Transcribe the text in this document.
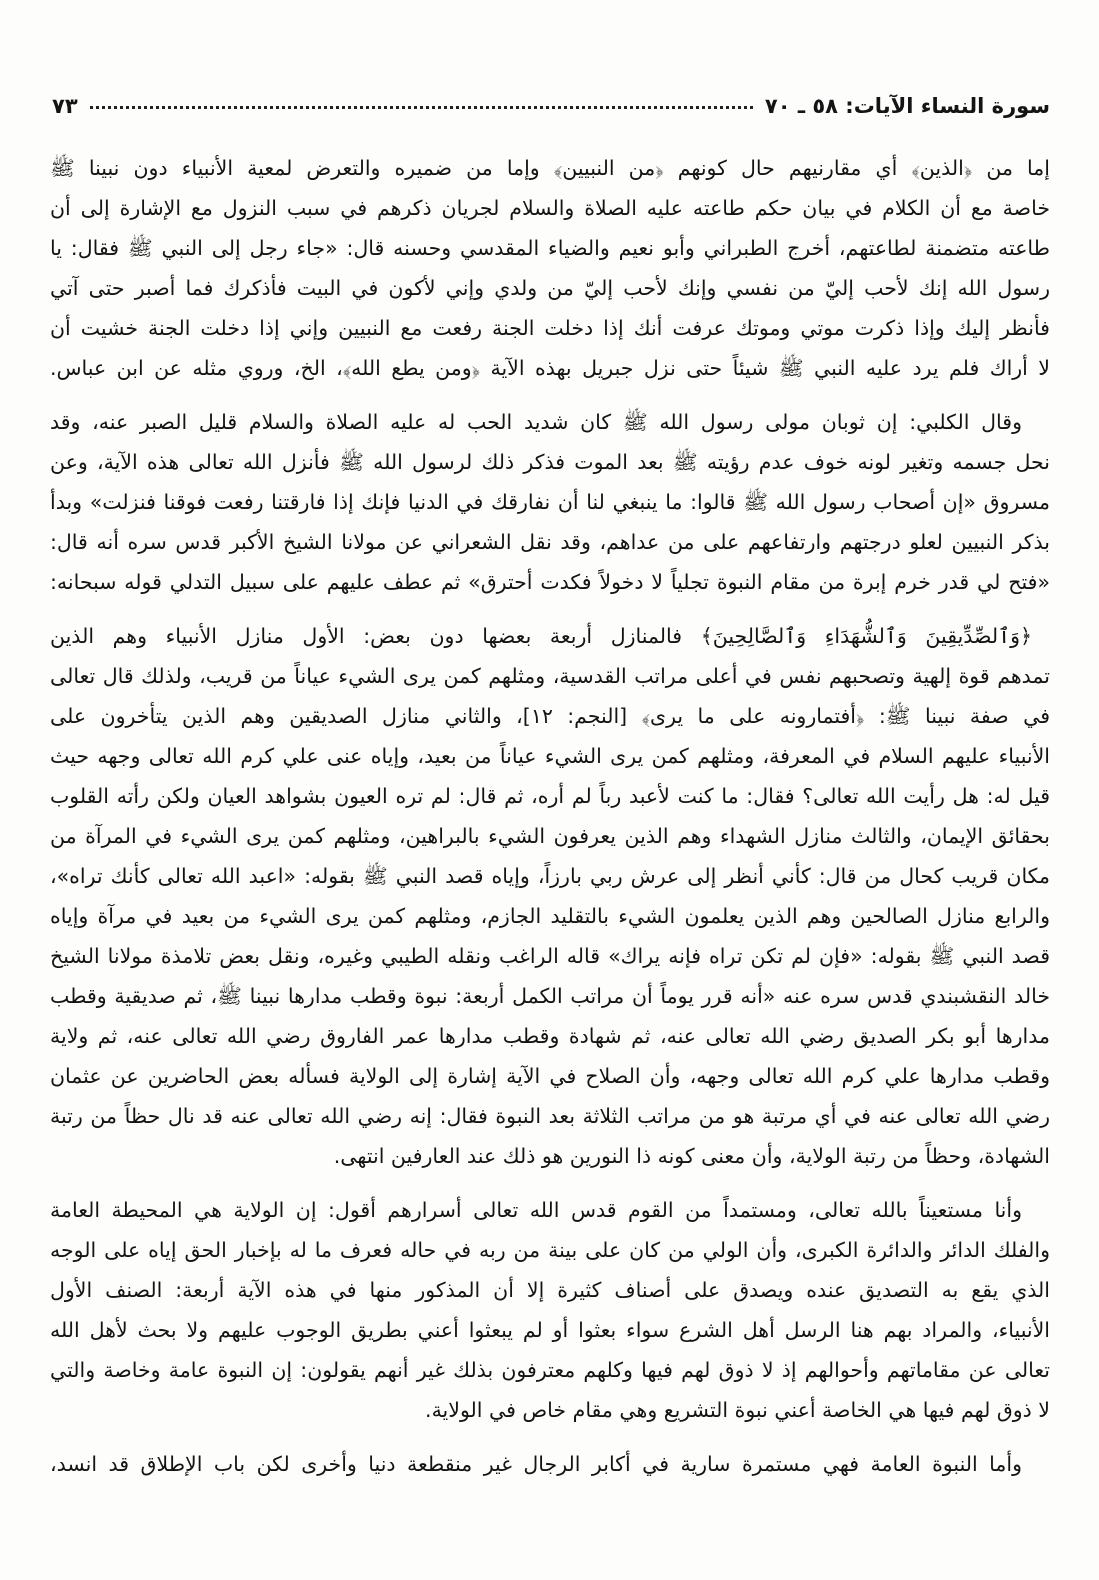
سورة النساء الآيات: ٥٨ ـ ٧٠
٧٣
إما من ﴿الذين﴾ أي مقارنيهم حال كونهم ﴿من النبيين﴾ وإما من ضميره والتعرض لمعية الأنبياء دون نبينا ﷺ
خاصة مع أن الكلام في بيان حكم طاعته عليه الصلاة والسلام لجريان ذكرهم في سبب النزول مع الإشارة إلى أن
طاعته متضمنة لطاعتهم، أخرج الطبراني وأبو نعيم والضياء المقدسي وحسنه قال: «جاء رجل إلى النبي ﷺ فقال: يا
رسول الله إنك لأحب إليّ من نفسي وإنك لأحب إليّ من ولدي وإني لأكون في البيت فأذكرك فما أصبر حتى آتي
فأنظر إليك وإذا ذكرت موتي وموتك عرفت أنك إذا دخلت الجنة رفعت مع النبيين وإني إذا دخلت الجنة خشيت أن
لا أراك فلم يرد عليه النبي ﷺ شيئاً حتى نزل جبريل بهذه الآية ﴿ومن يطع الله﴾، الخ، وروي مثله عن ابن عباس.
وقال الكلبي: إن ثوبان مولى رسول الله ﷺ كان شديد الحب له عليه الصلاة والسلام قليل الصبر عنه، وقد
نحل جسمه وتغير لونه خوف عدم رؤيته ﷺ بعد الموت فذكر ذلك لرسول الله ﷺ فأنزل الله تعالى هذه الآية، وعن
مسروق «إن أصحاب رسول الله ﷺ قالوا: ما ينبغي لنا أن نفارقك في الدنيا فإنك إذا فارقتنا رفعت فوقنا فنزلت» وبدأ
بذكر النبيين لعلو درجتهم وارتفاعهم على من عداهم، وقد نقل الشعراني عن مولانا الشيخ الأكبر قدس سره أنه قال:
«فتح لي قدر خرم إبرة من مقام النبوة تجلياً لا دخولاً فكدت أحترق» ثم عطف عليهم على سبيل التدلي قوله سبحانه:
﴿وَٱلصِّدِّيقِينَ وَٱلشُّهَدَاءِ وَٱلصَّالِحِينَ﴾ فالمنازل أربعة بعضها دون بعض: الأول منازل الأنبياء وهم الذين
تمدهم قوة إلهية وتصحبهم نفس في أعلى مراتب القدسية، ومثلهم كمن يرى الشيء عياناً من قريب، ولذلك قال تعالى
في صفة نبينا ﷺ: ﴿أفتمارونه على ما يرى﴾ [النجم: ١٢]، والثاني منازل الصديقين وهم الذين يتأخرون على
الأنبياء عليهم السلام في المعرفة، ومثلهم كمن يرى الشيء عياناً من بعيد، وإياه عنى علي كرم الله تعالى وجهه حيث
قيل له: هل رأيت الله تعالى؟ فقال: ما كنت لأعبد رباً لم أره، ثم قال: لم تره العيون بشواهد العيان ولكن رأته القلوب
بحقائق الإيمان، والثالث منازل الشهداء وهم الذين يعرفون الشيء بالبراهين، ومثلهم كمن يرى الشيء في المرآة من
مكان قريب كحال من قال: كأني أنظر إلى عرش ربي بارزاً، وإياه قصد النبي ﷺ بقوله: «اعبد الله تعالى كأنك تراه»،
والرابع منازل الصالحين وهم الذين يعلمون الشيء بالتقليد الجازم، ومثلهم كمن يرى الشيء من بعيد في مرآة وإياه
قصد النبي ﷺ بقوله: «فإن لم تكن تراه فإنه يراك» قاله الراغب ونقله الطيبي وغيره، ونقل بعض تلامذة مولانا الشيخ
خالد النقشبندي قدس سره عنه «أنه قرر يوماً أن مراتب الكمل أربعة: نبوة وقطب مدارها نبينا ﷺ، ثم صديقية وقطب
مدارها أبو بكر الصديق رضي الله تعالى عنه، ثم شهادة وقطب مدارها عمر الفاروق رضي الله تعالى عنه، ثم ولاية
وقطب مدارها علي كرم الله تعالى وجهه، وأن الصلاح في الآية إشارة إلى الولاية فسأله بعض الحاضرين عن عثمان
رضي الله تعالى عنه في أي مرتبة هو من مراتب الثلاثة بعد النبوة فقال: إنه رضي الله تعالى عنه قد نال حظاً من رتبة
الشهادة، وحظاً من رتبة الولاية، وأن معنى كونه ذا النورين هو ذلك عند العارفين انتهى.
وأنا مستعيناً بالله تعالى، ومستمداً من القوم قدس الله تعالى أسرارهم أقول: إن الولاية هي المحيطة العامة
والفلك الدائر والدائرة الكبرى، وأن الولي من كان على بينة من ربه في حاله فعرف ما له بإخبار الحق إياه على الوجه
الذي يقع به التصديق عنده ويصدق على أصناف كثيرة إلا أن المذكور منها في هذه الآية أربعة: الصنف الأول
الأنبياء، والمراد بهم هنا الرسل أهل الشرع سواء بعثوا أو لم يبعثوا أعني بطريق الوجوب عليهم ولا بحث لأهل الله
تعالى عن مقاماتهم وأحوالهم إذ لا ذوق لهم فيها وكلهم معترفون بذلك غير أنهم يقولون: إن النبوة عامة وخاصة والتي
لا ذوق لهم فيها هي الخاصة أعني نبوة التشريع وهي مقام خاص في الولاية.
وأما النبوة العامة فهي مستمرة سارية في أكابر الرجال غير منقطعة دنيا وأخرى لكن باب الإطلاق قد انسد،
